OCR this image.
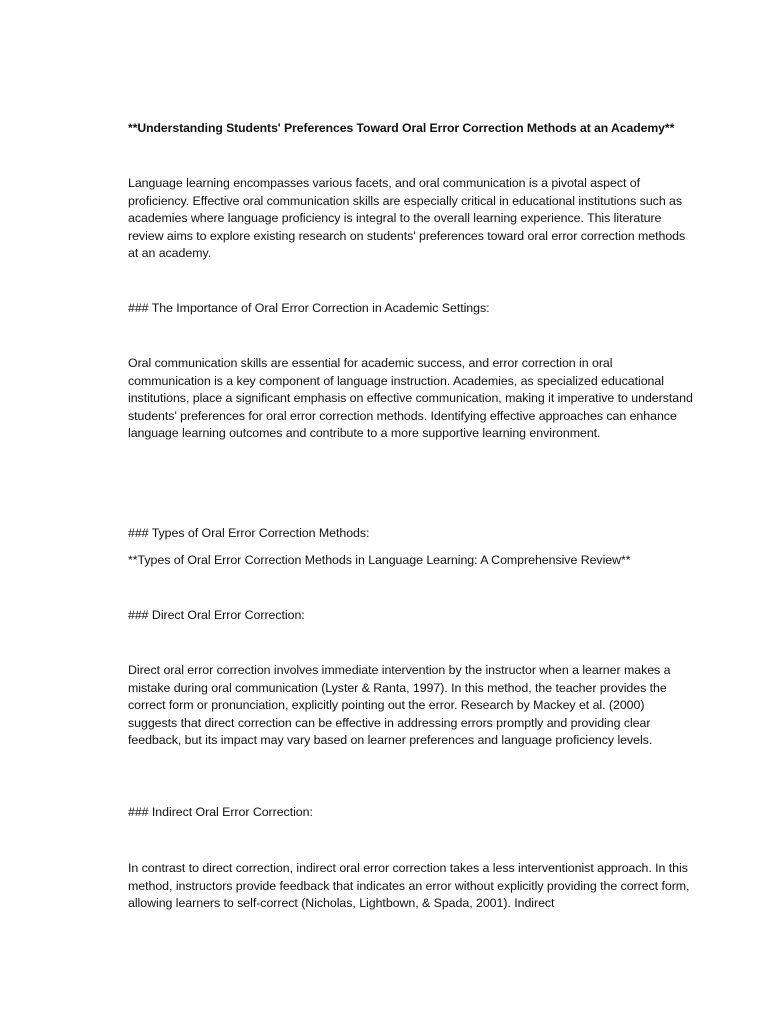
**Understanding Students' Preferences Toward Oral Error Correction Methods at an Academy**

Language learning encompasses various facets, and oral communication is a pivotal aspect of proficiency. Effective oral communication skills are especially critical in educational institutions such as academies where language proficiency is integral to the overall learning experience. This literature review aims to explore existing research on students' preferences toward oral error correction methods at an academy.

### The Importance of Oral Error Correction in Academic Settings:

Oral communication skills are essential for academic success, and error correction in oral communication is a key component of language instruction. Academies, as specialized educational institutions, place a significant emphasis on effective communication, making it imperative to understand students' preferences for oral error correction methods. Identifying effective approaches can enhance language learning outcomes and contribute to a more supportive learning environment.

### Types of Oral Error Correction Methods:

**Types of Oral Error Correction Methods in Language Learning: A Comprehensive Review**

### Direct Oral Error Correction:

Direct oral error correction involves immediate intervention by the instructor when a learner makes a mistake during oral communication (Lyster & Ranta, 1997). In this method, the teacher provides the correct form or pronunciation, explicitly pointing out the error. Research by Mackey et al. (2000) suggests that direct correction can be effective in addressing errors promptly and providing clear feedback, but its impact may vary based on learner preferences and language proficiency levels.

### Indirect Oral Error Correction:

In contrast to direct correction, indirect oral error correction takes a less interventionist approach. In this method, instructors provide feedback that indicates an error without explicitly providing the correct form, allowing learners to self-correct (Nicholas, Lightbown, & Spada, 2001). Indirect
